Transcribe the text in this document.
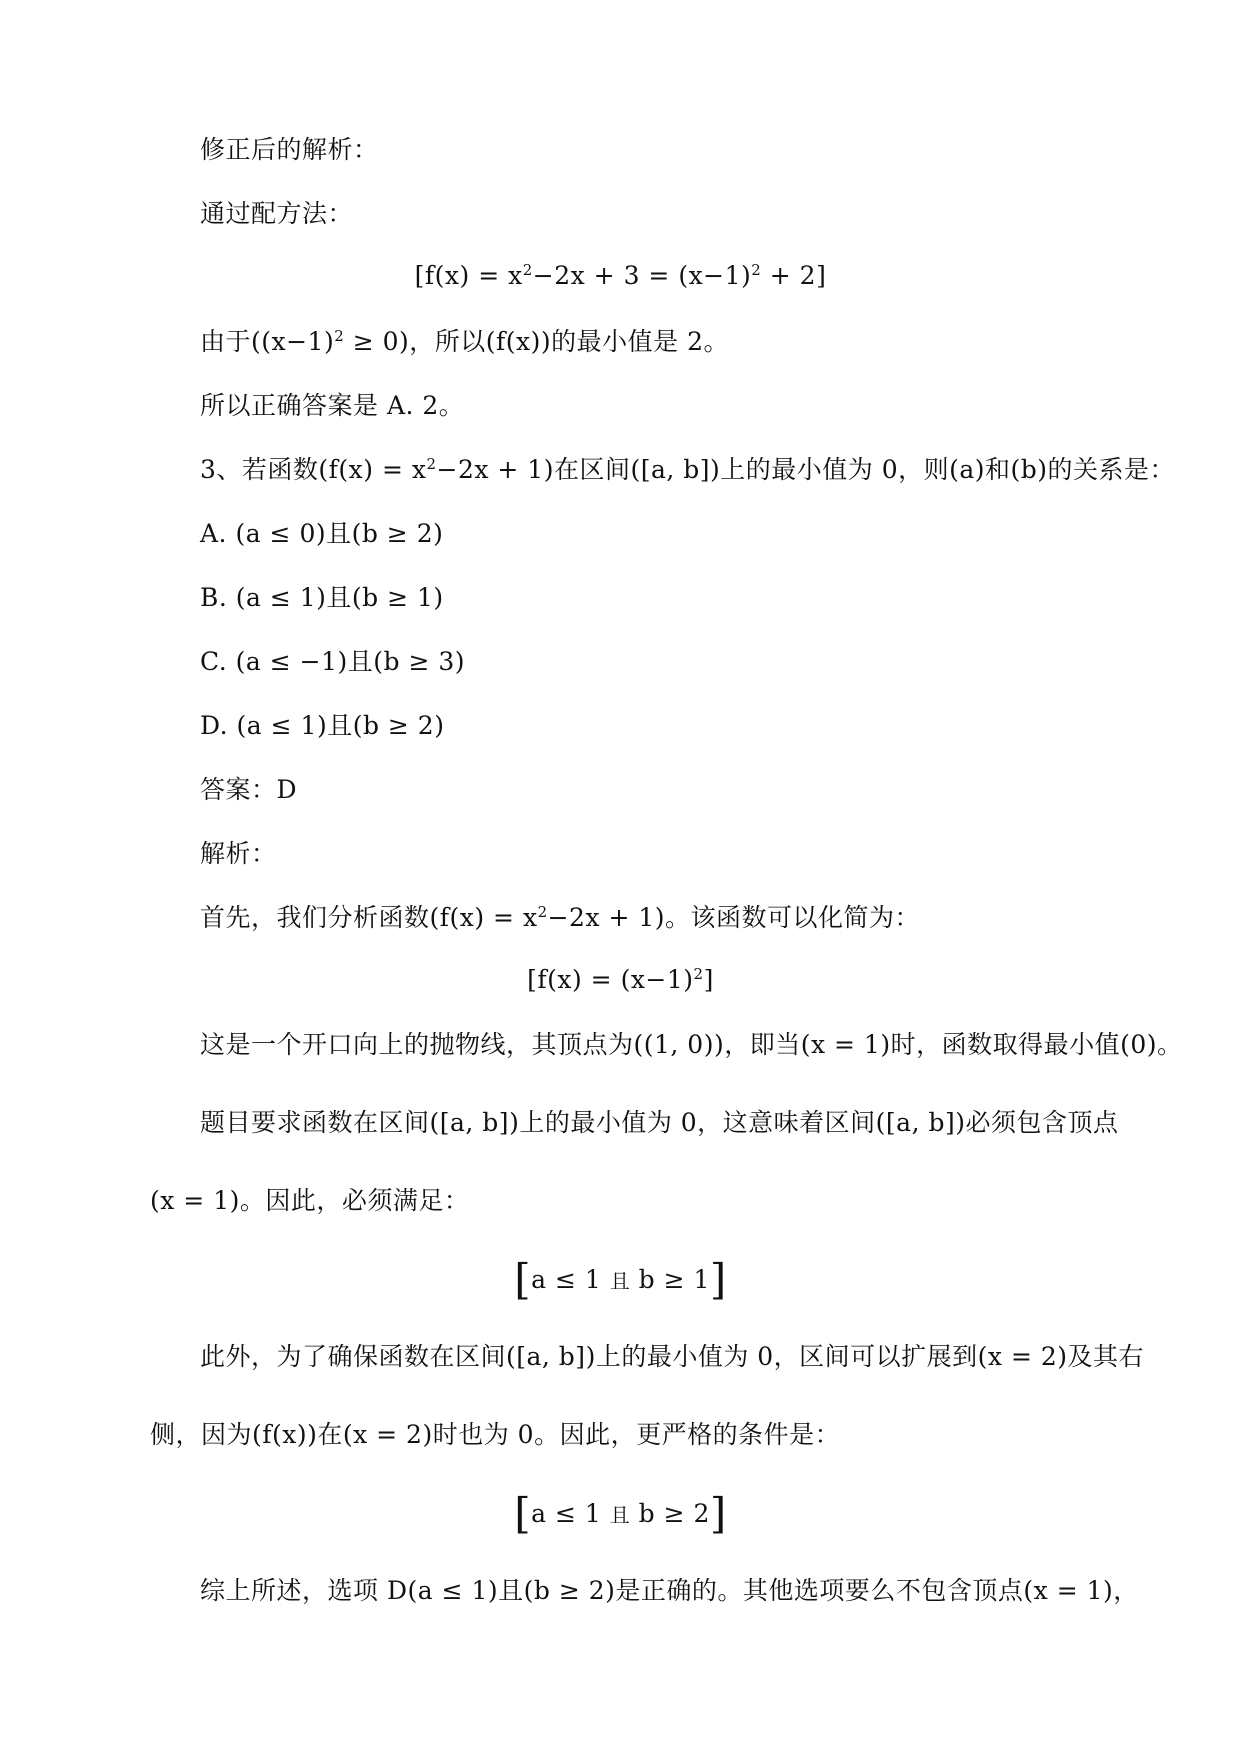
修正后的解析：
通过配方法：
$[f(x) = x^2-2x + 3 = (x-1)^2 + 2]$
由于$((x-1)^2 \ge 0)$，所以(f(x))的最小值是 2。
所以正确答案是 A. 2。
3、若函数$(f(x) = x^2-2x + 1)$在区间([a, b])上的最小值为 0，则(a)和(b)的关系是：
A. (a ≤ 0)且(b ≥ 2)
B. (a ≤ 1)且(b ≥ 1)
C. (a ≤ −1)且(b ≥ 3)
D. (a ≤ 1)且(b ≥ 2)
答案：D
解析：
首先，我们分析函数$(f(x) = x^2-2x + 1)$。该函数可以化简为：
$[f(x) = (x-1)^2]$
这是一个开口向上的抛物线，其顶点为((1, 0))，即当(x = 1)时，函数取得最小值(0)。
题目要求函数在区间([a, b])上的最小值为 0，这意味着区间([a, b])必须包含顶点
(x = 1)。因此，必须满足：
[a ≤ 1 且 b ≥ 1]
此外，为了确保函数在区间([a, b])上的最小值为 0，区间可以扩展到(x = 2)及其右
侧，因为(f(x))在(x = 2)时也为 0。因此，更严格的条件是：
[a ≤ 1 且 b ≥ 2]
综上所述，选项 D(a ≤ 1)且(b ≥ 2)是正确的。其他选项要么不包含顶点(x = 1)，
